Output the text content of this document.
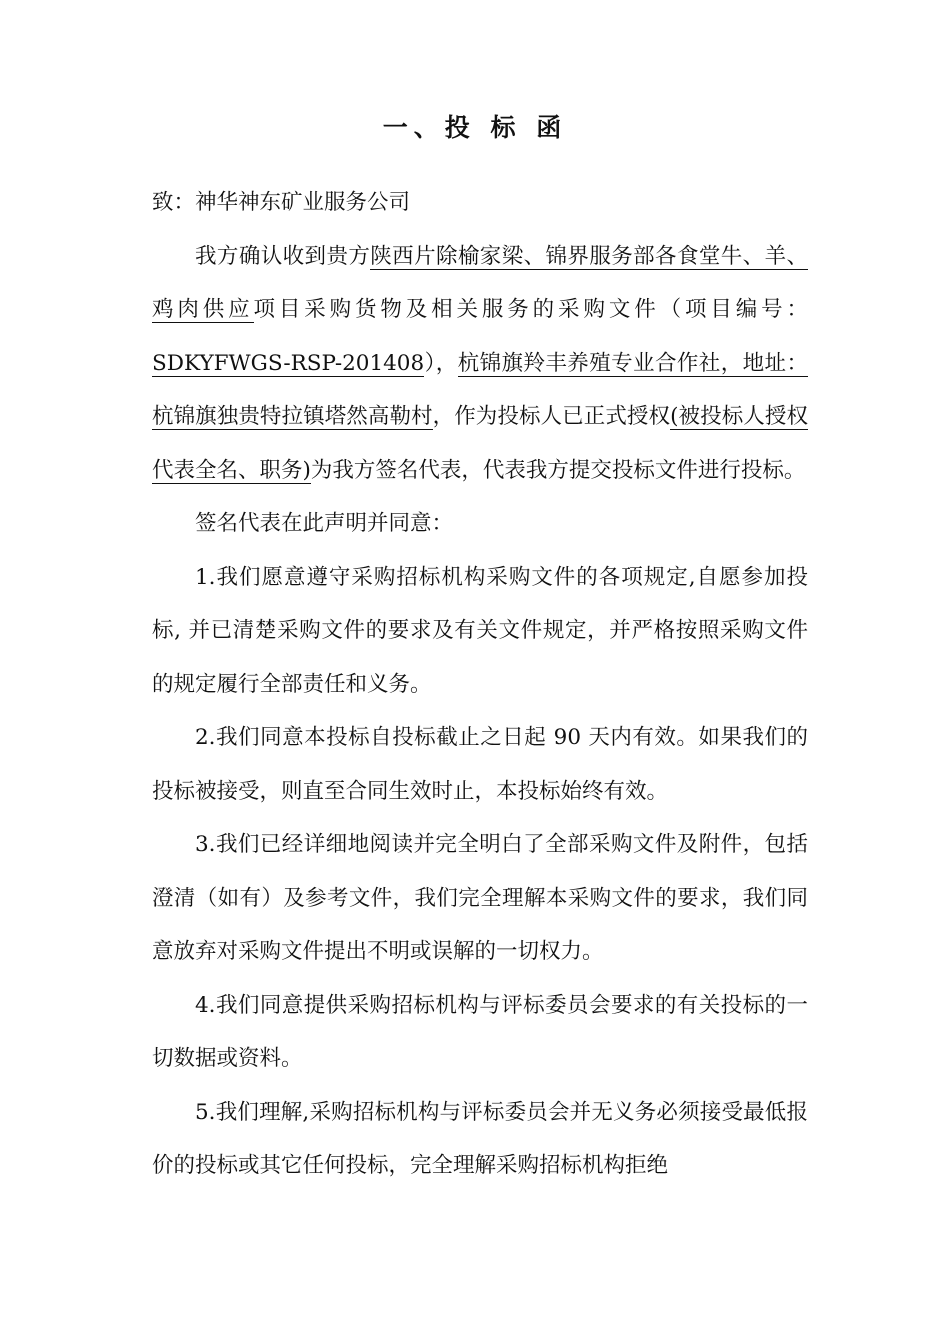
一、投 标 函

致：神华神东矿业服务公司

我方确认收到贵方陕西片除榆家梁、锦界服务部各食堂牛、羊、鸡肉供应项目采购货物及相关服务的采购文件（项目编号：SDKYFWGS-RSP-201408），杭锦旗羚丰养殖专业合作社，地址：杭锦旗独贵特拉镇塔然高勒村，作为投标人已正式授权(被投标人授权代表全名、职务)为我方签名代表，代表我方提交投标文件进行投标。

签名代表在此声明并同意：

1.我们愿意遵守采购招标机构采购文件的各项规定,自愿参加投标, 并已清楚采购文件的要求及有关文件规定，并严格按照采购文件的规定履行全部责任和义务。

2.我们同意本投标自投标截止之日起 90 天内有效。如果我们的投标被接受，则直至合同生效时止，本投标始终有效。

3.我们已经详细地阅读并完全明白了全部采购文件及附件，包括澄清（如有）及参考文件，我们完全理解本采购文件的要求，我们同意放弃对采购文件提出不明或误解的一切权力。

4.我们同意提供采购招标机构与评标委员会要求的有关投标的一切数据或资料。

5.我们理解,采购招标机构与评标委员会并无义务必须接受最低报价的投标或其它任何投标，完全理解采购招标机构拒绝
